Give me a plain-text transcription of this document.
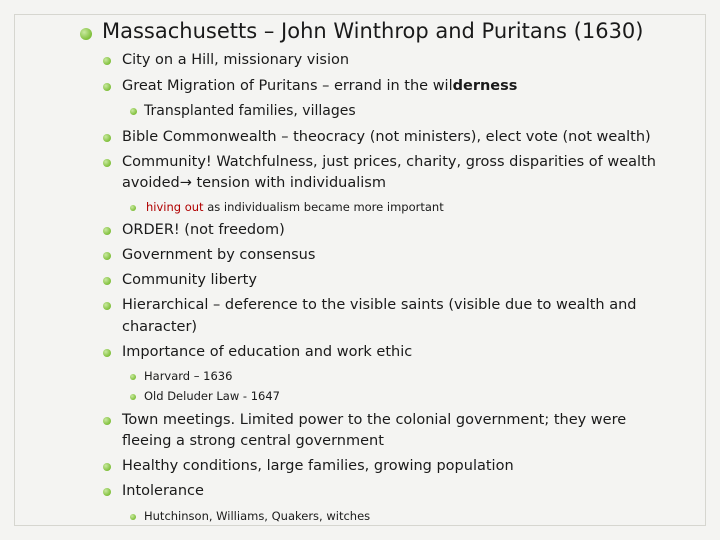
Massachusetts – John Winthrop and Puritans (1630)
City on a Hill, missionary vision
Great Migration of Puritans – errand in the wilderness
Transplanted families, villages
Bible Commonwealth – theocracy (not ministers), elect vote (not wealth)
Community! Watchfulness, just prices, charity, gross disparities of wealth
avoided→ tension with individualism
hiving out as individualism became more important
ORDER! (not freedom)
Government by consensus
Community liberty
Hierarchical – deference to the visible saints (visible due to wealth and
character)
Importance of education and work ethic
Harvard – 1636
Old Deluder Law - 1647
Town meetings. Limited power to the colonial government; they were
fleeing a strong central government
Healthy conditions, large families, growing population
Intolerance
Hutchinson, Williams, Quakers, witches
